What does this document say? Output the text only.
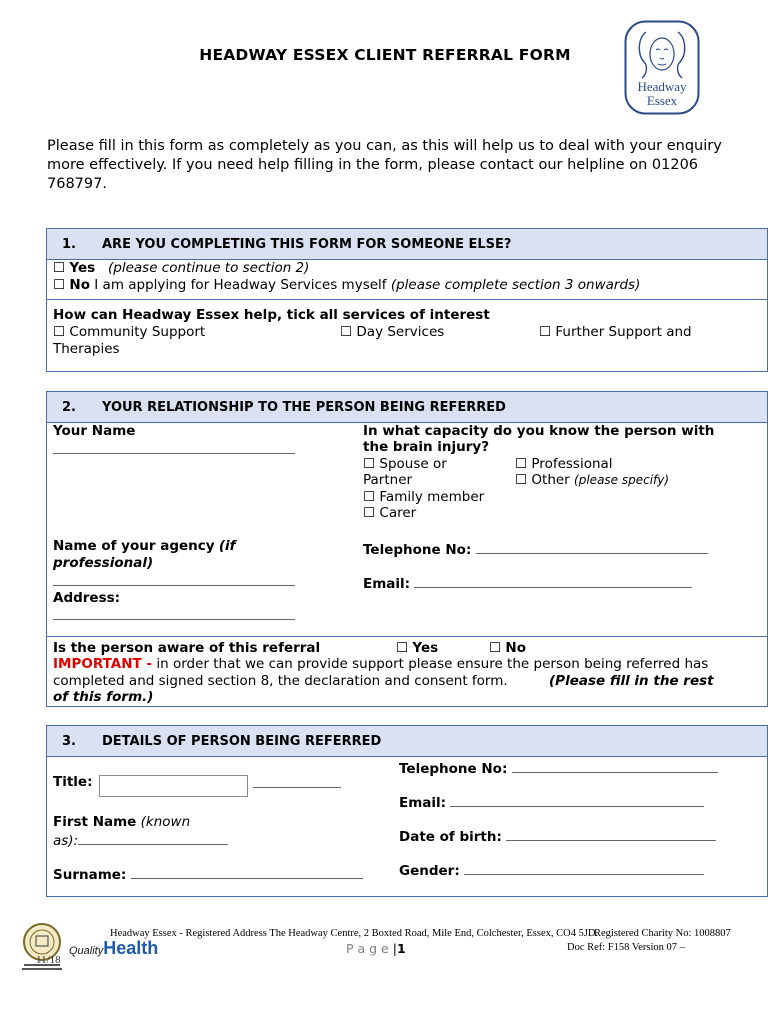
HEADWAY ESSEX CLIENT REFERRAL FORM
Headway
Essex
Please fill in this form as completely as you can, as this will help us to deal with your enquiry more effectively. If you need help filling in the form, please contact our helpline on 01206 768797.
1.	ARE YOU COMPLETING THIS FORM FOR SOMEONE ELSE?
☐ Yes (please continue to section 2)
☐ No I am applying for Headway Services myself (please complete section 3 onwards)
How can Headway Essex help, tick all services of interest
☐ Community Support	☐ Day Services	☐ Further Support and
Therapies
2.	YOUR RELATIONSHIP TO THE PERSON BEING REFERRED
Your Name
Name of your agency (if
professional)
Address:
In what capacity do you know the person with
the brain injury?
☐ Spouse or
Partner
☐ Family member
☐ Carer
☐ Professional
☐ Other (please specify)
Telephone No:
Email:
Is the person aware of this referral	☐ Yes	☐ No
IMPORTANT - in order that we can provide support please ensure the person being referred has
completed and signed section 8, the declaration and consent form.	(Please fill in the rest
of this form.)
3.	DETAILS OF PERSON BEING REFERRED
Title:
First Name (known
as):
Surname:
Telephone No:
Email:
Date of birth:
Gender:
QualityHealth
11/18
Headway Essex - Registered Address The Headway Centre, 2 Boxted Road, Mile End, Colchester, Essex, CO4 5JD.
Registered Charity No: 1008807
P a g e |1	Doc Ref: F158 Version 07 –
